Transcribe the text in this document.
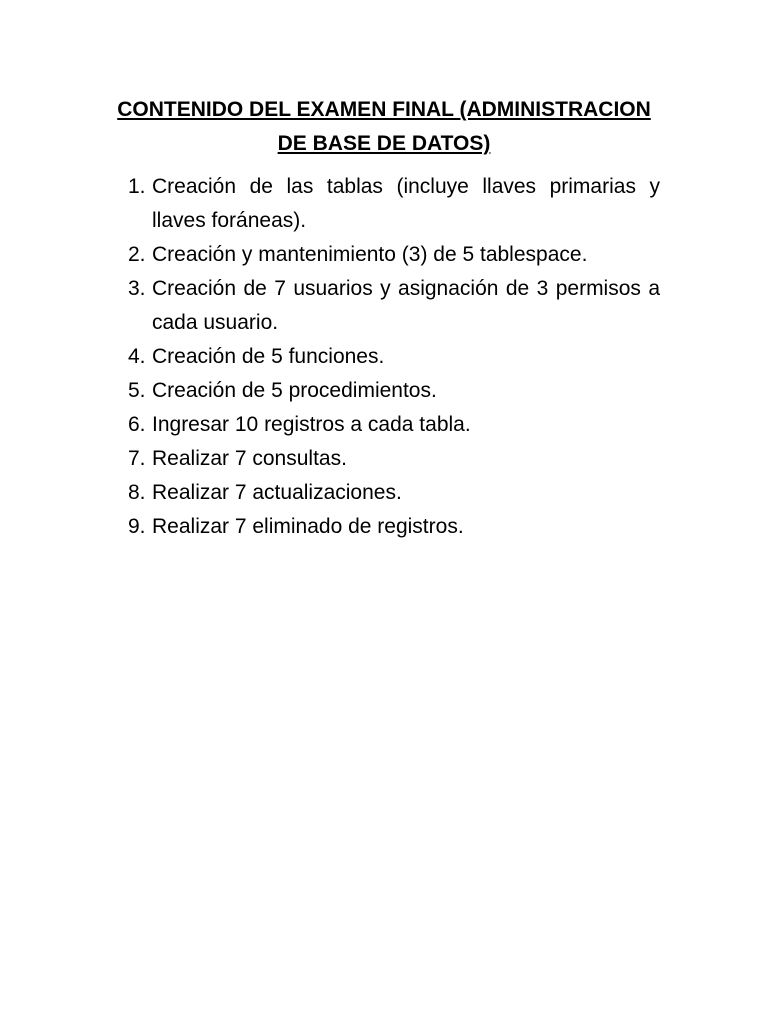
CONTENIDO DEL EXAMEN FINAL (ADMINISTRACION DE BASE DE DATOS)
1. Creación de las tablas (incluye llaves primarias y llaves foráneas).
2. Creación y mantenimiento (3) de 5 tablespace.
3. Creación de 7 usuarios y asignación de 3 permisos a cada usuario.
4. Creación de 5 funciones.
5. Creación de 5 procedimientos.
6. Ingresar 10 registros a cada tabla.
7. Realizar 7 consultas.
8. Realizar 7 actualizaciones.
9. Realizar 7 eliminado de registros.
